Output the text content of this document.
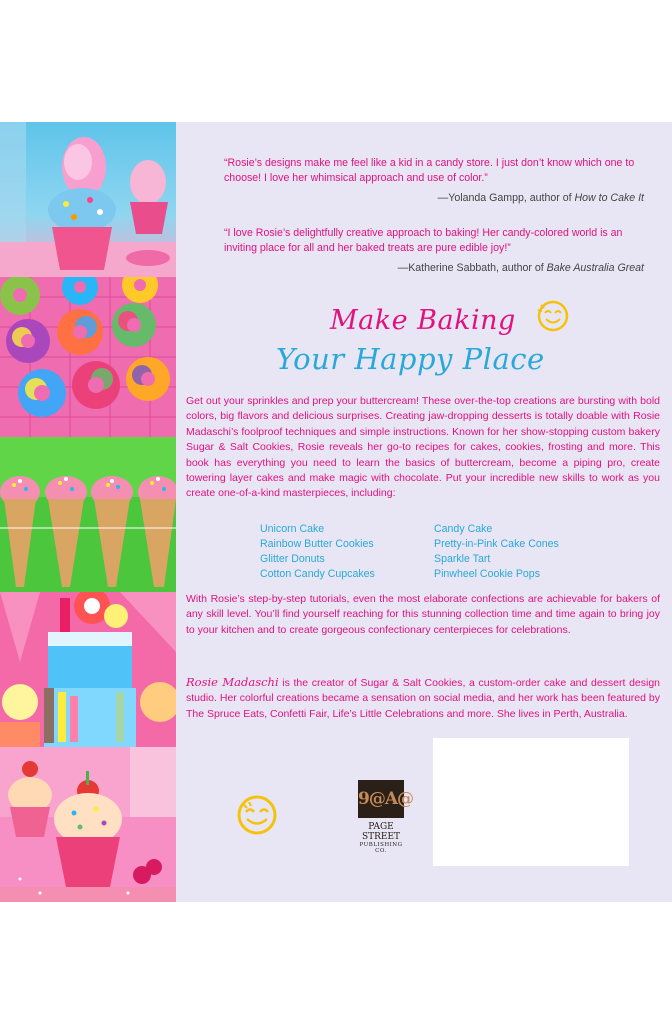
“Rosie’s designs make me feel like a kid in a candy store. I just don’t know which one to choose! I love her whimsical approach and use of color.”

—Yolanda Gampp, author of How to Cake It

“I love Rosie’s delightfully creative approach to baking! Her candy-colored world is an inviting place for all and her baked treats are pure edible joy!”

—Katherine Sabbath, author of Bake Australia Great
Make Baking
Your Happy Place

Get out your sprinkles and prep your buttercream! These over-the-top creations are bursting with bold colors, big flavors and delicious surprises. Creating jaw-dropping desserts is totally doable with Rosie Madaschi’s foolproof techniques and simple instructions. Known for her show-stopping custom bakery Sugar & Salt Cookies, Rosie reveals her go-to recipes for cakes, cookies, frosting and more. This book has everything you need to learn the basics of buttercream, become a piping pro, create towering layer cakes and make magic with chocolate. Put your incredible new skills to work as you create one-of-a-kind masterpieces, including:

Unicorn Cake
Rainbow Butter Cookies
Glitter Donuts
Cotton Candy Cupcakes
Candy Cake
Pretty-in-Pink Cake Cones
Sparkle Tart
Pinwheel Cookie Pops

With Rosie’s step-by-step tutorials, even the most elaborate confections are achievable for bakers of any skill level. You’ll find yourself reaching for this stunning collection time and time again to bring joy to your kitchen and to create gorgeous confectionary centerpieces for celebrations.

Rosie Madaschi is the creator of Sugar & Salt Cookies, a custom-order cake and dessert design studio. Her colorful creations became a sensation on social media, and her work has been featured by The Spruce Eats, Confetti Fair, Life’s Little Celebrations and more. She lives in Perth, Australia.

9@A@
PAGE STREET
PUBLISHING CO.
